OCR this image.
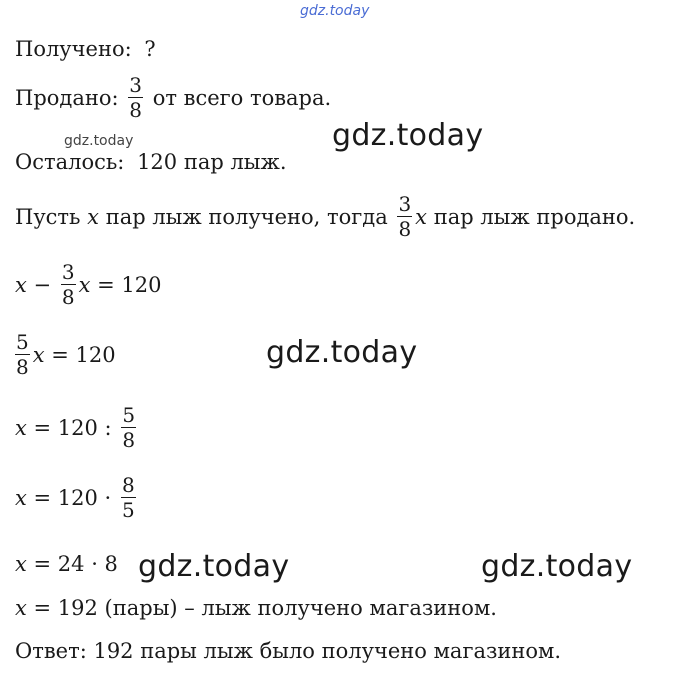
gdz.today
Получено: ?
Продано: $\frac{3}{8}$ от всего товара.
gdz.today	gdz.today
Осталось: 120 пар лыж.
Пусть x пар лыж получено, тогда $\frac{3}{8}$ x пар лыж продано.
$x - \frac{3}{8}$ x = 120
$\frac{5}{8}$ x = 120	gdz.today
x = 120 : $\frac{5}{8}$
$x = 120 \cdot \frac{8}{5}$
x = 24 · 8 gdz.today	gdz.today
x = 192 (пары) – лыж получено магазином.
Ответ: 192 пары лыж было получено магазином.
